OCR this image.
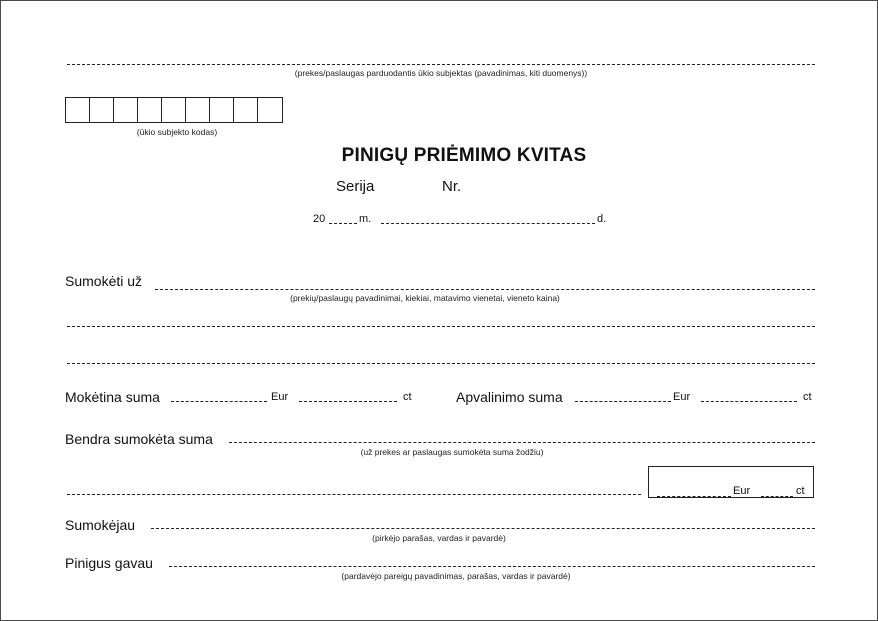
(prekes/paslaugas parduodantis ūkio subjektas (pavadinimas, kiti duomenys))
(ūkio subjekto kodas)
PINIGŲ PRIĖMIMO KVITAS
Serija	Nr.
20	m.	d.
Sumokėti už
(prekių/paslaugų pavadinimai, kiekiai, matavimo vienetai, vieneto kaina)
Mokėtina suma	Eur	ct	Apvalinimo suma	Eur	ct
Bendra sumokėta suma
(už prekes ar paslaugas sumokėta suma žodžiu)
Eur	ct
Sumokėjau
(pirkėjo parašas, vardas ir pavardė)
Pinigus gavau
(pardavėjo pareigų pavadinimas, parašas, vardas ir pavardė)
